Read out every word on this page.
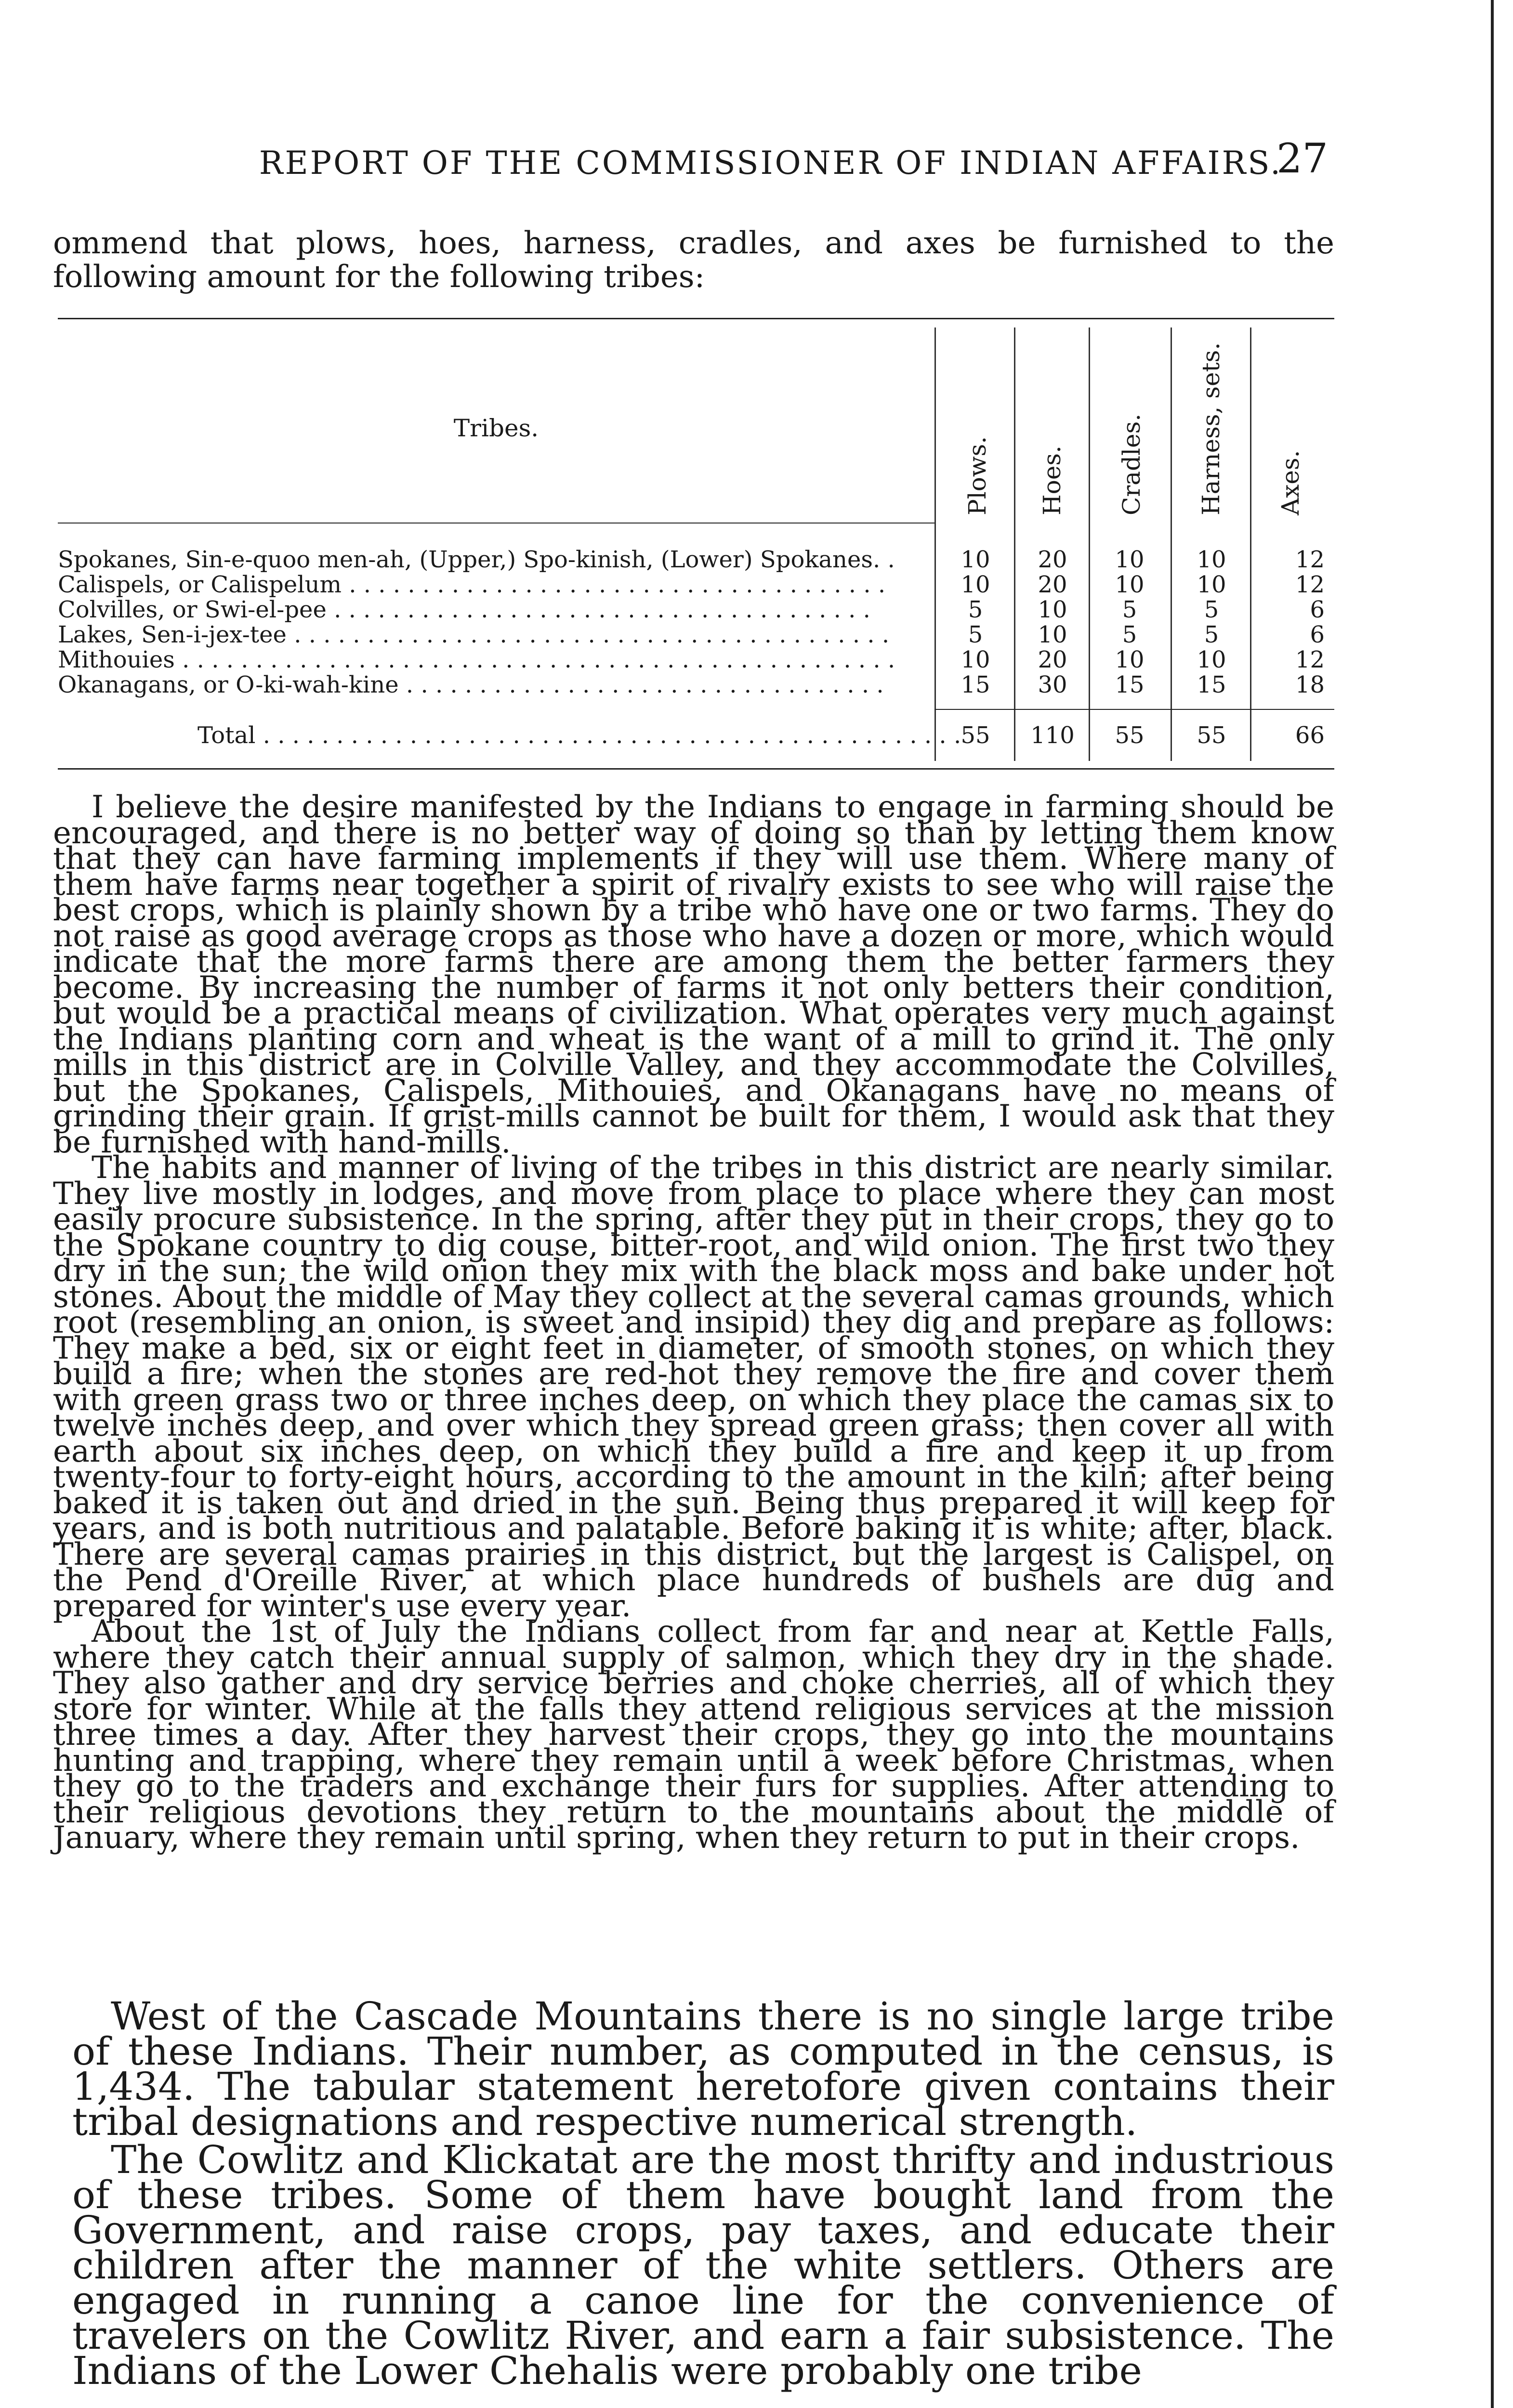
REPORT OF THE COMMISSIONER OF INDIAN AFFAIRS.
27

ommend that plows, hoes, harness, cradles, and axes be furnished to the following amount for the following tribes:

Tribes.
Plows. Hoes. Cradles. Harness, sets. Axes.
Spokanes, Sin-e-quoo men-ah, (Upper,) Spo-kinish, (Lower) Spokanes. .	10	20	10	10	12
Calispels, or Calispelum . . . . . . . . . . . . . . . . . . . . . . . . . . . . . . . . . . . . .	10	20	10	10	12
Colvilles, or Swi-el-pee . . . . . . . . . . . . . . . . . . . . . . . . . . . . . . . . . . . . .	5	10	5	5	6
Lakes, Sen-i-jex-tee . . . . . . . . . . . . . . . . . . . . . . . . . . . . . . . . . . . . . . . . .	5	10	5	5	6
Mithouies . . . . . . . . . . . . . . . . . . . . . . . . . . . . . . . . . . . . . . . . . . . . . . . . .	10	20	10	10	12
Okanagans, or O-ki-wah-kine . . . . . . . . . . . . . . . . . . . . . . . . . . . . . . . . .	15	30	15	15	18
Total . . . . . . . . . . . . . . . . . . . . . . . . . . . . . . . . . . . . . . . . . . . . . . . . 55	110	55	55	66

I believe the desire manifested by the Indians to engage in farming should be encouraged, and there is no better way of doing so than by letting them know that they can have farming implements if they will use them. Where many of them have farms near together a spirit of rivalry exists to see who will raise the best crops, which is plainly shown by a tribe who have one or two farms. They do not raise as good average crops as those who have a dozen or more, which would indicate that the more farms there are among them the better farmers they become. By increasing the number of farms it not only betters their condition, but would be a practical means of civilization. What operates very much against the Indians planting corn and wheat is the want of a mill to grind it. The only mills in this district are in Colville Valley, and they accommodate the Colvilles, but the Spokanes, Calispels, Mithouies, and Okanagans have no means of grinding their grain. If grist-mills cannot be built for them, I would ask that they be furnished with hand-mills.

The habits and manner of living of the tribes in this district are nearly similar. They live mostly in lodges, and move from place to place where they can most easily procure subsistence. In the spring, after they put in their crops, they go to the Spokane country to dig couse, bitter-root, and wild onion. The first two they dry in the sun; the wild onion they mix with the black moss and bake under hot stones. About the middle of May they collect at the several camas grounds, which root (resembling an onion, is sweet and insipid) they dig and prepare as follows: They make a bed, six or eight feet in diameter, of smooth stones, on which they build a fire; when the stones are red-hot they remove the fire and cover them with green grass two or three inches deep, on which they place the camas six to twelve inches deep, and over which they spread green grass; then cover all with earth about six inches deep, on which they build a fire and keep it up from twenty-four to forty-eight hours, according to the amount in the kiln; after being baked it is taken out and dried in the sun. Being thus prepared it will keep for years, and is both nutritious and palatable. Before baking it is white; after, black. There are several camas prairies in this district, but the largest is Calispel, on the Pend d'Oreille River, at which place hundreds of bushels are dug and prepared for winter's use every year.

About the 1st of July the Indians collect from far and near at Kettle Falls, where they catch their annual supply of salmon, which they dry in the shade. They also gather and dry service berries and choke cherries, all of which they store for winter. While at the falls they attend religious services at the mission three times a day. After they harvest their crops, they go into the mountains hunting and trapping, where they remain until a week before Christmas, when they go to the traders and exchange their furs for supplies. After attending to their religious devotions they return to the mountains about the middle of January, where they remain until spring, when they return to put in their crops.

West of the Cascade Mountains there is no single large tribe of these Indians. Their number, as computed in the census, is 1,434. The tabular statement heretofore given contains their tribal designations and respective numerical strength.

The Cowlitz and Klickatat are the most thrifty and industrious of these tribes. Some of them have bought land from the Government, and raise crops, pay taxes, and educate their children after the manner of the white settlers. Others are engaged in running a canoe line for the convenience of travelers on the Cowlitz River, and earn a fair subsistence. The Indians of the Lower Chehalis were probably one tribe
